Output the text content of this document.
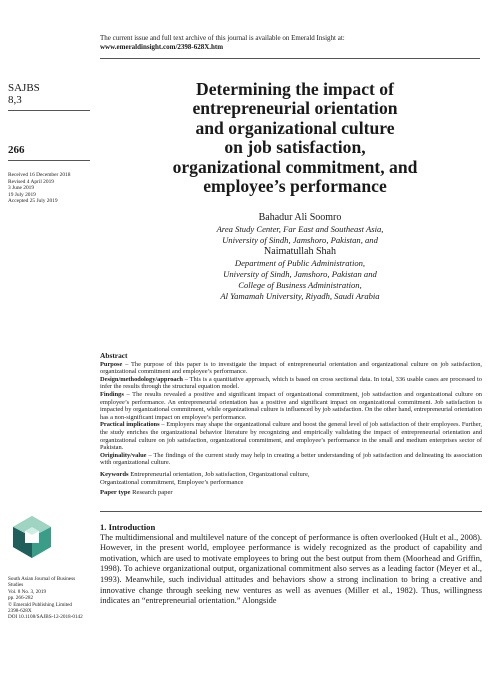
The current issue and full text archive of this journal is available on Emerald Insight at:
www.emeraldinsight.com/2398-628X.htm
SAJBS
8,3
266
Received 16 December 2018
Revised 4 April 2019
3 June 2019
19 July 2019
Accepted 25 July 2019
Determining the impact of
entrepreneurial orientation
and organizational culture
on job satisfaction,
organizational commitment, and
employee’s performance
Bahadur Ali Soomro
Area Study Center, Far East and Southeast Asia,
University of Sindh, Jamshoro, Pakistan, and
Naimatullah Shah
Department of Public Administration,
University of Sindh, Jamshoro, Pakistan and
College of Business Administration,
Al Yamamah University, Riyadh, Saudi Arabia
Abstract

Purpose – The purpose of this paper is to investigate the impact of entrepreneurial orientation and organizational culture on job satisfaction, organizational commitment and employee’s performance.

Design/methodology/approach – This is a quantitative approach, which is based on cross sectional data. In total, 336 usable cases are processed to infer the results through the structural equation model.

Findings – The results revealed a positive and significant impact of organizational commitment, job satisfaction and organizational culture on employee’s performance. An entrepreneurial orientation has a positive and significant impact on organizational commitment. Job satisfaction is impacted by organizational commitment, while organizational culture is influenced by job satisfaction. On the other hand, entrepreneurial orientation has a non-significant impact on employee’s performance.

Practical implications – Employers may shape the organizational culture and boost the general level of job satisfaction of their employees. Further, the study enriches the organizational behavior literature by recognizing and empirically validating the impact of entrepreneurial orientation and organizational culture on job satisfaction, organizational commitment, and employee’s performance in the small and medium enterprises sector of Pakistan.

Originality/value – The findings of the current study may help in creating a better understanding of job satisfaction and delineating its association with organizational culture.

Keywords Entrepreneurial orientation, Job satisfaction, Organizational culture,
Organizational commitment, Employee’s performance
Paper type Research paper
1. Introduction

The multidimensional and multilevel nature of the concept of performance is often overlooked (Hult et al., 2008). However, in the present world, employee performance is widely recognized as the product of capability and motivation, which are used to motivate employees to bring out the best output from them (Moorhead and Griffin, 1998). To achieve organizational output, organizational commitment also serves as a leading factor (Meyer et al., 1993). Meanwhile, such individual attitudes and behaviors show a strong inclination to bring a creative and innovative change through seeking new ventures as well as avenues (Miller et al., 1982). Thus, willingness indicates an “entrepreneurial orientation.” Alongside

South Asian Journal of Business
Studies
Vol. 8 No. 3, 2019
pp. 266-282
© Emerald Publishing Limited
2398-628X
DOI 10.1108/SAJBS-12-2018-0142
